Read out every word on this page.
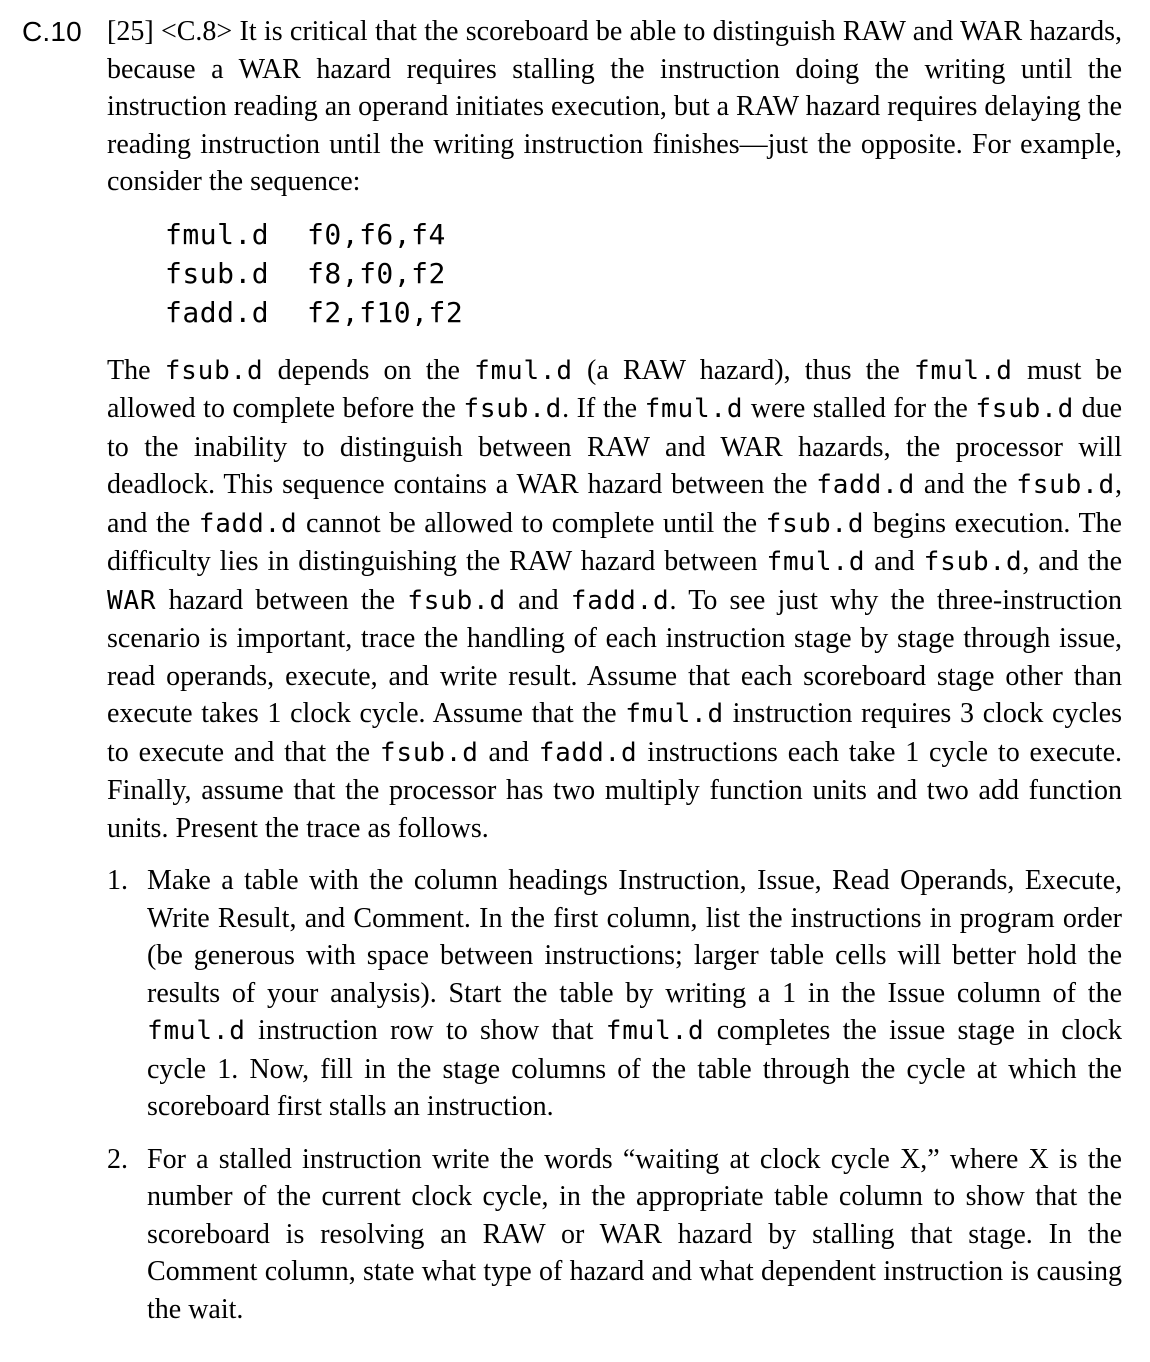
C.10 [25] <C.8> It is critical that the scoreboard be able to distinguish RAW and WAR hazards, because a WAR hazard requires stalling the instruction doing the writing until the instruction reading an operand initiates execution, but a RAW hazard requires delaying the reading instruction until the writing instruction finishes—just the opposite. For example, consider the sequence:

fmul.d	f0,f6,f4
fsub.d	f8,f0,f2
fadd.d	f2,f10,f2

The fsub.d depends on the fmul.d (a RAW hazard), thus the fmul.d must be allowed to complete before the fsub.d. If the fmul.d were stalled for the fsub.d due to the inability to distinguish between RAW and WAR hazards, the processor will deadlock. This sequence contains a WAR hazard between the fadd.d and the fsub.d, and the fadd.d cannot be allowed to complete until the fsub.d begins execution. The difficulty lies in distinguishing the RAW hazard between fmul.d and fsub.d, and the WAR hazard between the fsub.d and fadd.d. To see just why the three-instruction scenario is important, trace the handling of each instruction stage by stage through issue, read operands, execute, and write result. Assume that each scoreboard stage other than execute takes 1 clock cycle. Assume that the fmul.d instruction requires 3 clock cycles to execute and that the fsub.d and fadd.d instructions each take 1 cycle to execute. Finally, assume that the processor has two multiply function units and two add function units. Present the trace as follows.

1. Make a table with the column headings Instruction, Issue, Read Operands, Execute, Write Result, and Comment. In the first column, list the instructions in program order (be generous with space between instructions; larger table cells will better hold the results of your analysis). Start the table by writing a 1 in the Issue column of the fmul.d instruction row to show that fmul.d completes the issue stage in clock cycle 1. Now, fill in the stage columns of the table through the cycle at which the scoreboard first stalls an instruction.
2. For a stalled instruction write the words “waiting at clock cycle X,” where X is the number of the current clock cycle, in the appropriate table column to show that the scoreboard is resolving an RAW or WAR hazard by stalling that stage. In the Comment column, state what type of hazard and what dependent instruction is causing the wait.
